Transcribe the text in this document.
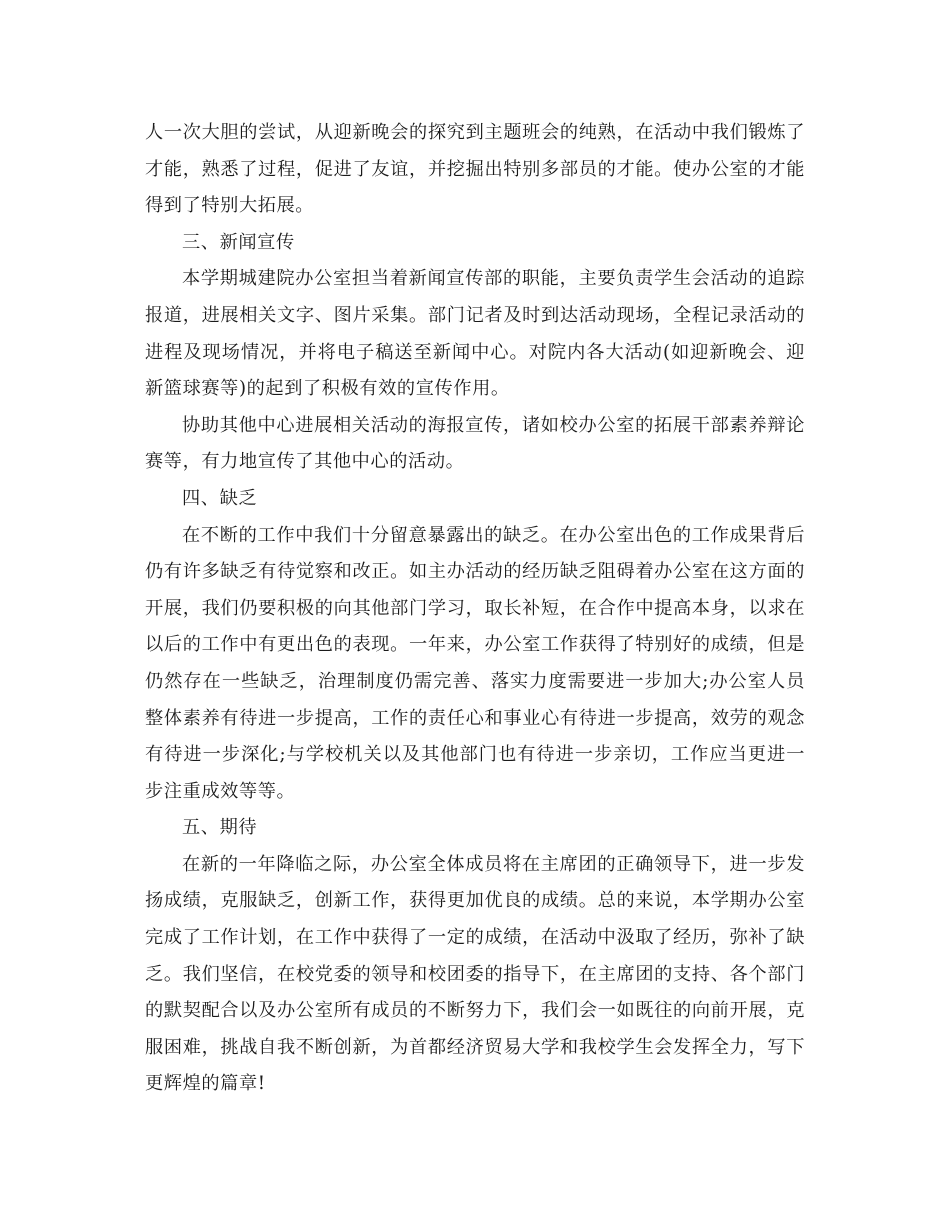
人一次大胆的尝试，从迎新晚会的探究到主题班会的纯熟，在活动中我们锻炼了才能，熟悉了过程，促进了友谊，并挖掘出特别多部员的才能。使办公室的才能得到了特别大拓展。

三、新闻宣传

本学期城建院办公室担当着新闻宣传部的职能，主要负责学生会活动的追踪报道，进展相关文字、图片采集。部门记者及时到达活动现场，全程记录活动的进程及现场情况，并将电子稿送至新闻中心。对院内各大活动(如迎新晚会、迎新篮球赛等)的起到了积极有效的宣传作用。

协助其他中心进展相关活动的海报宣传，诸如校办公室的拓展干部素养辩论赛等，有力地宣传了其他中心的活动。

四、缺乏

在不断的工作中我们十分留意暴露出的缺乏。在办公室出色的工作成果背后仍有许多缺乏有待觉察和改正。如主办活动的经历缺乏阻碍着办公室在这方面的开展，我们仍要积极的向其他部门学习，取长补短，在合作中提高本身，以求在以后的工作中有更出色的表现。一年来，办公室工作获得了特别好的成绩，但是仍然存在一些缺乏，治理制度仍需完善、落实力度需要进一步加大;办公室人员整体素养有待进一步提高，工作的责任心和事业心有待进一步提高，效劳的观念有待进一步深化;与学校机关以及其他部门也有待进一步亲切，工作应当更进一步注重成效等等。

五、期待

在新的一年降临之际，办公室全体成员将在主席团的正确领导下，进一步发扬成绩，克服缺乏，创新工作，获得更加优良的成绩。总的来说，本学期办公室完成了工作计划，在工作中获得了一定的成绩，在活动中汲取了经历，弥补了缺乏。我们坚信，在校党委的领导和校团委的指导下，在主席团的支持、各个部门的默契配合以及办公室所有成员的不断努力下，我们会一如既往的向前开展，克服困难，挑战自我不断创新，为首都经济贸易大学和我校学生会发挥全力，写下更辉煌的篇章!
